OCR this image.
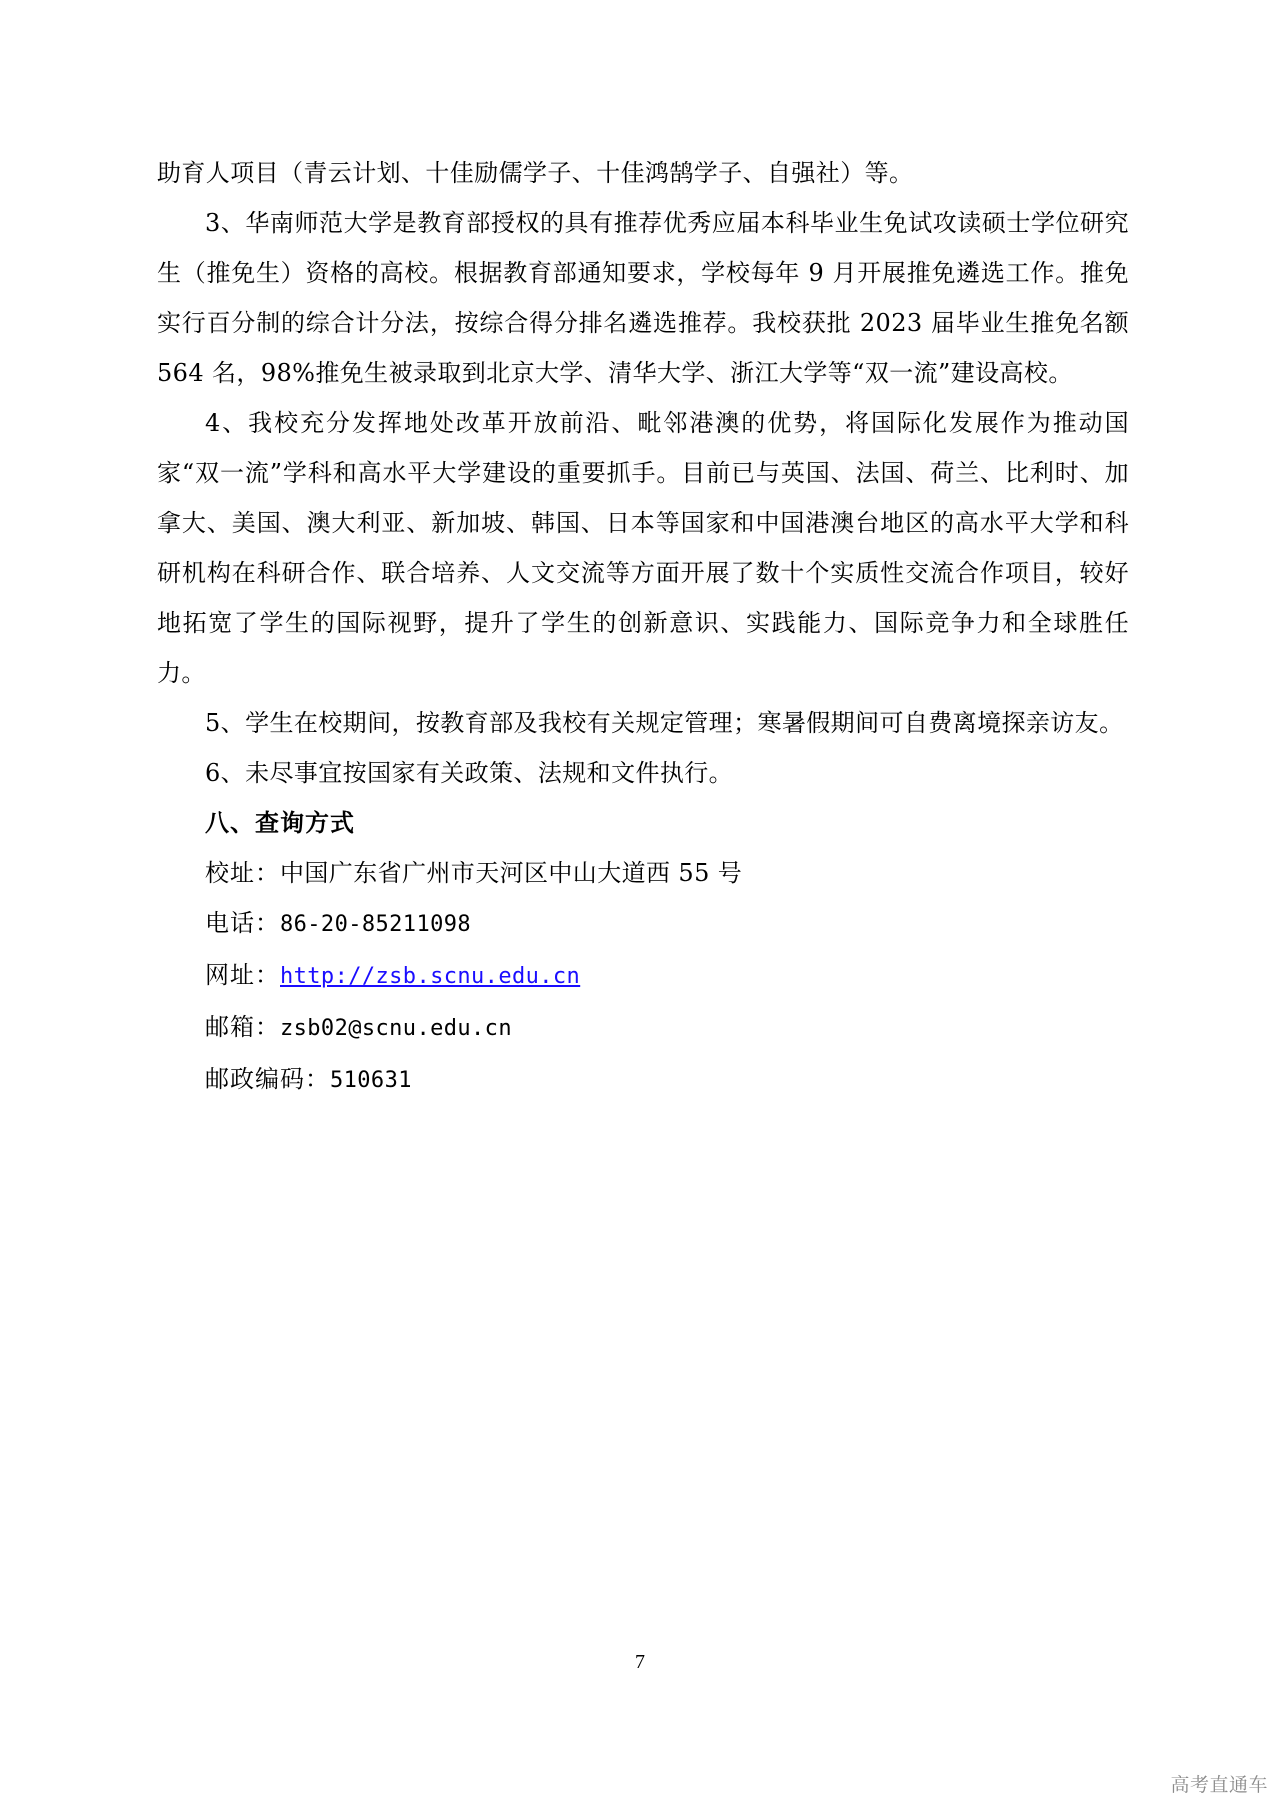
助育人项目（青云计划、十佳励儒学子、十佳鸿鹄学子、自强社）等。

3、华南师范大学是教育部授权的具有推荐优秀应届本科毕业生免试攻读硕士学位研究生（推免生）资格的高校。根据教育部通知要求，学校每年 9 月开展推免遴选工作。推免实行百分制的综合计分法，按综合得分排名遴选推荐。我校获批 2023 届毕业生推免名额 564 名，98%推免生被录取到北京大学、清华大学、浙江大学等“双一流”建设高校。

4、我校充分发挥地处改革开放前沿、毗邻港澳的优势，将国际化发展作为推动国家“双一流”学科和高水平大学建设的重要抓手。目前已与英国、法国、荷兰、比利时、加拿大、美国、澳大利亚、新加坡、韩国、日本等国家和中国港澳台地区的高水平大学和科研机构在科研合作、联合培养、人文交流等方面开展了数十个实质性交流合作项目，较好地拓宽了学生的国际视野，提升了学生的创新意识、实践能力、国际竞争力和全球胜任力。

5、学生在校期间，按教育部及我校有关规定管理；寒暑假期间可自费离境探亲访友。

6、未尽事宜按国家有关政策、法规和文件执行。

八、查询方式

校址：中国广东省广州市天河区中山大道西 55 号

电话：86-20-85211098

网址：http://zsb.scnu.edu.cn

邮箱：zsb02@scnu.edu.cn

邮政编码：510631

7
高考直通车
